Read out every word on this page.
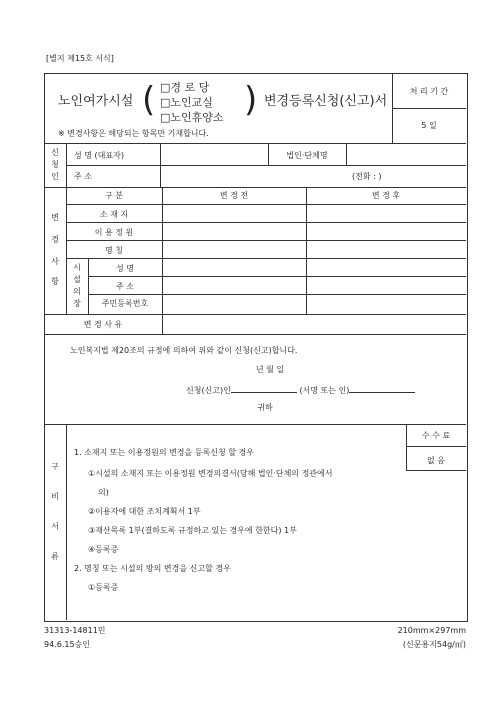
[별지 제15호 서식]
노인여가시설 ( □경 로 당
□노인교실
□노인휴양소 ) 변경등록신청(신고)서
※ 변경사항은 해당되는 항목만 기재합니다.
처 리 기 간
5 일
신
청
인
성 명 (대표자)	법인·단체명
주 소	(전화 : )
변
경
사
항
구 분	변 경 전	변 경 후
소 재 지
이 용 정 원
명 칭
시
설
의
장
성 명
주 소
주민등록번호
변 경 사 유
노인복지법 제20조의 규정에 의하여 위와 같이 신청(신고)합니다.
년 월 일
신청(신고)인	(서명 또는 인)
귀하
구
비
서
류
수 수 료
없 음
1. 소재지 또는 이용정원의 변경을 등록신청 할 경우
①시설의 소재지 또는 이용정원 변경의결서(당해 법인·단체의 정관에서
의)
②이용자에 대한 조치계획서 1부
③재산목록 1부(결하도록 규정하고 있는 경우에 한한다) 1부
④등록증
2. 명칭 또는 시설의 방의 변경을 신고할 경우
①등록증
31313-14811민
94.6.15승인
210mm×297mm
(신문용지54g/㎡)
